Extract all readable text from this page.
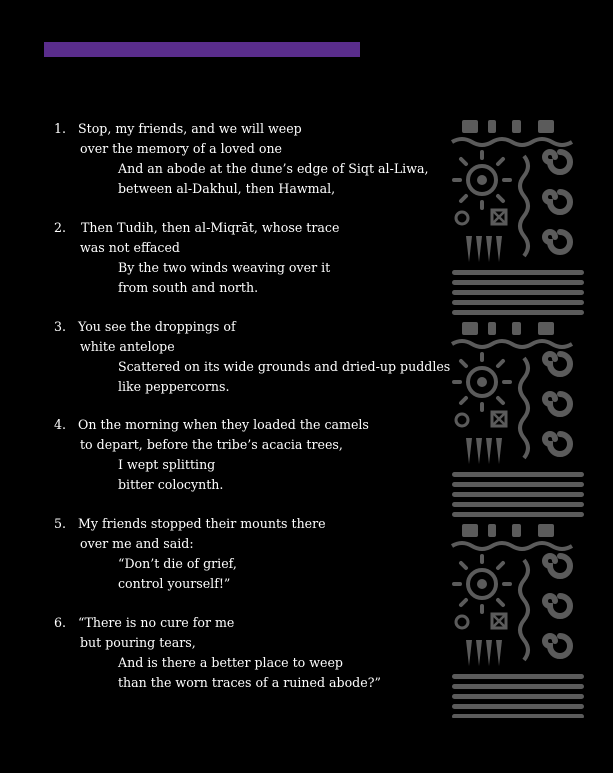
1. Stop, my friends, and we will weep
over the memory of a loved one
And an abode at the dune’s edge of Siqt al-Liwa,
between al-Dakhul, then Hawmal,
2. Then Tudih, then al-Miqrāt, whose trace
was not effaced
By the two winds weaving over it
from south and north.
3. You see the droppings of
white antelope
Scattered on its wide grounds and dried-up puddles
like peppercorns.
4. On the morning when they loaded the camels
to depart, before the tribe’s acacia trees,
I wept splitting
bitter colocynth.
5. My friends stopped their mounts there
over me and said:
“Don’t die of grief,
control yourself!”
6. “There is no cure for me
but pouring tears,
And is there a better place to weep
than the worn traces of a ruined abode?”
